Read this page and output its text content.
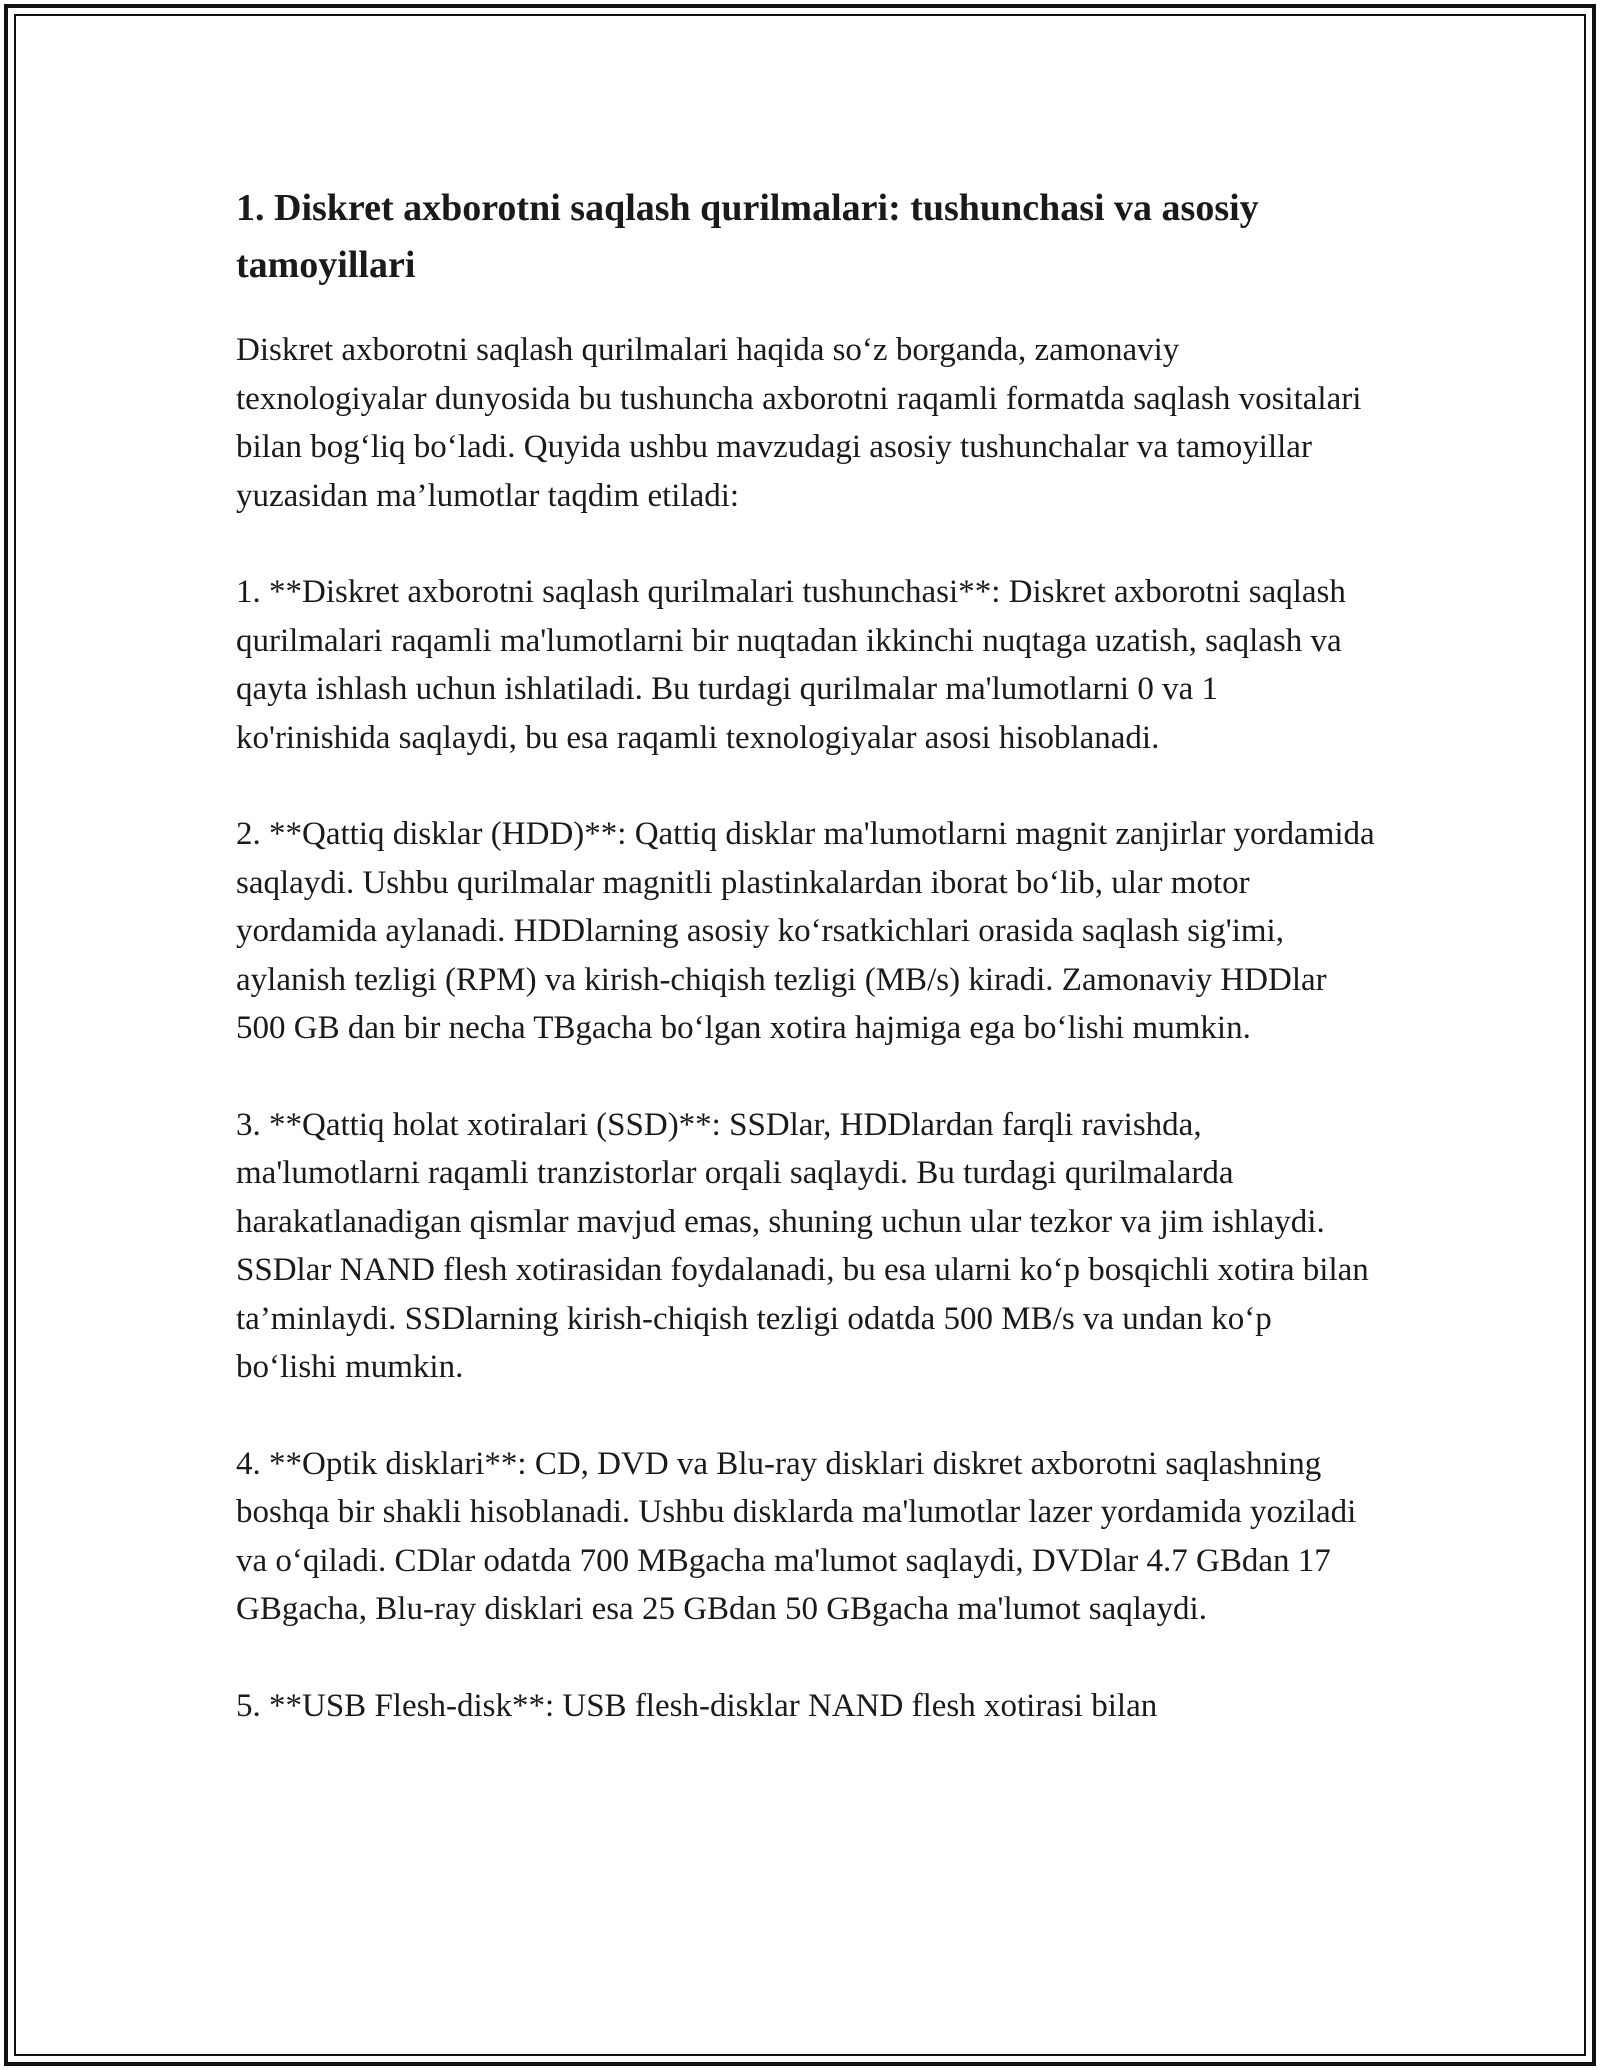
1. Diskret axborotni saqlash qurilmalari: tushunchasi va asosiy tamoyillari

Diskret axborotni saqlash qurilmalari haqida so‘z borganda, zamonaviy texnologiyalar dunyosida bu tushuncha axborotni raqamli formatda saqlash vositalari bilan bog‘liq bo‘ladi. Quyida ushbu mavzudagi asosiy tushunchalar va tamoyillar yuzasidan ma’lumotlar taqdim etiladi:

1. **Diskret axborotni saqlash qurilmalari tushunchasi**: Diskret axborotni saqlash qurilmalari raqamli ma'lumotlarni bir nuqtadan ikkinchi nuqtaga uzatish, saqlash va qayta ishlash uchun ishlatiladi. Bu turdagi qurilmalar ma'lumotlarni 0 va 1 ko'rinishida saqlaydi, bu esa raqamli texnologiyalar asosi hisoblanadi.

2. **Qattiq disklar (HDD)**: Qattiq disklar ma'lumotlarni magnit zanjirlar yordamida saqlaydi. Ushbu qurilmalar magnitli plastinkalardan iborat bo‘lib, ular motor yordamida aylanadi. HDDlarning asosiy ko‘rsatkichlari orasida saqlash sig'imi, aylanish tezligi (RPM) va kirish-chiqish tezligi (MB/s) kiradi. Zamonaviy HDDlar 500 GB dan bir necha TBgacha bo‘lgan xotira hajmiga ega bo‘lishi mumkin.

3. **Qattiq holat xotiralari (SSD)**: SSDlar, HDDlardan farqli ravishda, ma'lumotlarni raqamli tranzistorlar orqali saqlaydi. Bu turdagi qurilmalarda harakatlanadigan qismlar mavjud emas, shuning uchun ular tezkor va jim ishlaydi. SSDlar NAND flesh xotirasidan foydalanadi, bu esa ularni ko‘p bosqichli xotira bilan ta’minlaydi. SSDlarning kirish-chiqish tezligi odatda 500 MB/s va undan ko‘p bo‘lishi mumkin.

4. **Optik disklari**: CD, DVD va Blu-ray disklari diskret axborotni saqlashning boshqa bir shakli hisoblanadi. Ushbu disklarda ma'lumotlar lazer yordamida yoziladi va o‘qiladi. CDlar odatda 700 MBgacha ma'lumot saqlaydi, DVDlar 4.7 GBdan 17 GBgacha, Blu-ray disklari esa 25 GBdan 50 GBgacha ma'lumot saqlaydi.

5. **USB Flesh-disk**: USB flesh-disklar NAND flesh xotirasi bilan
